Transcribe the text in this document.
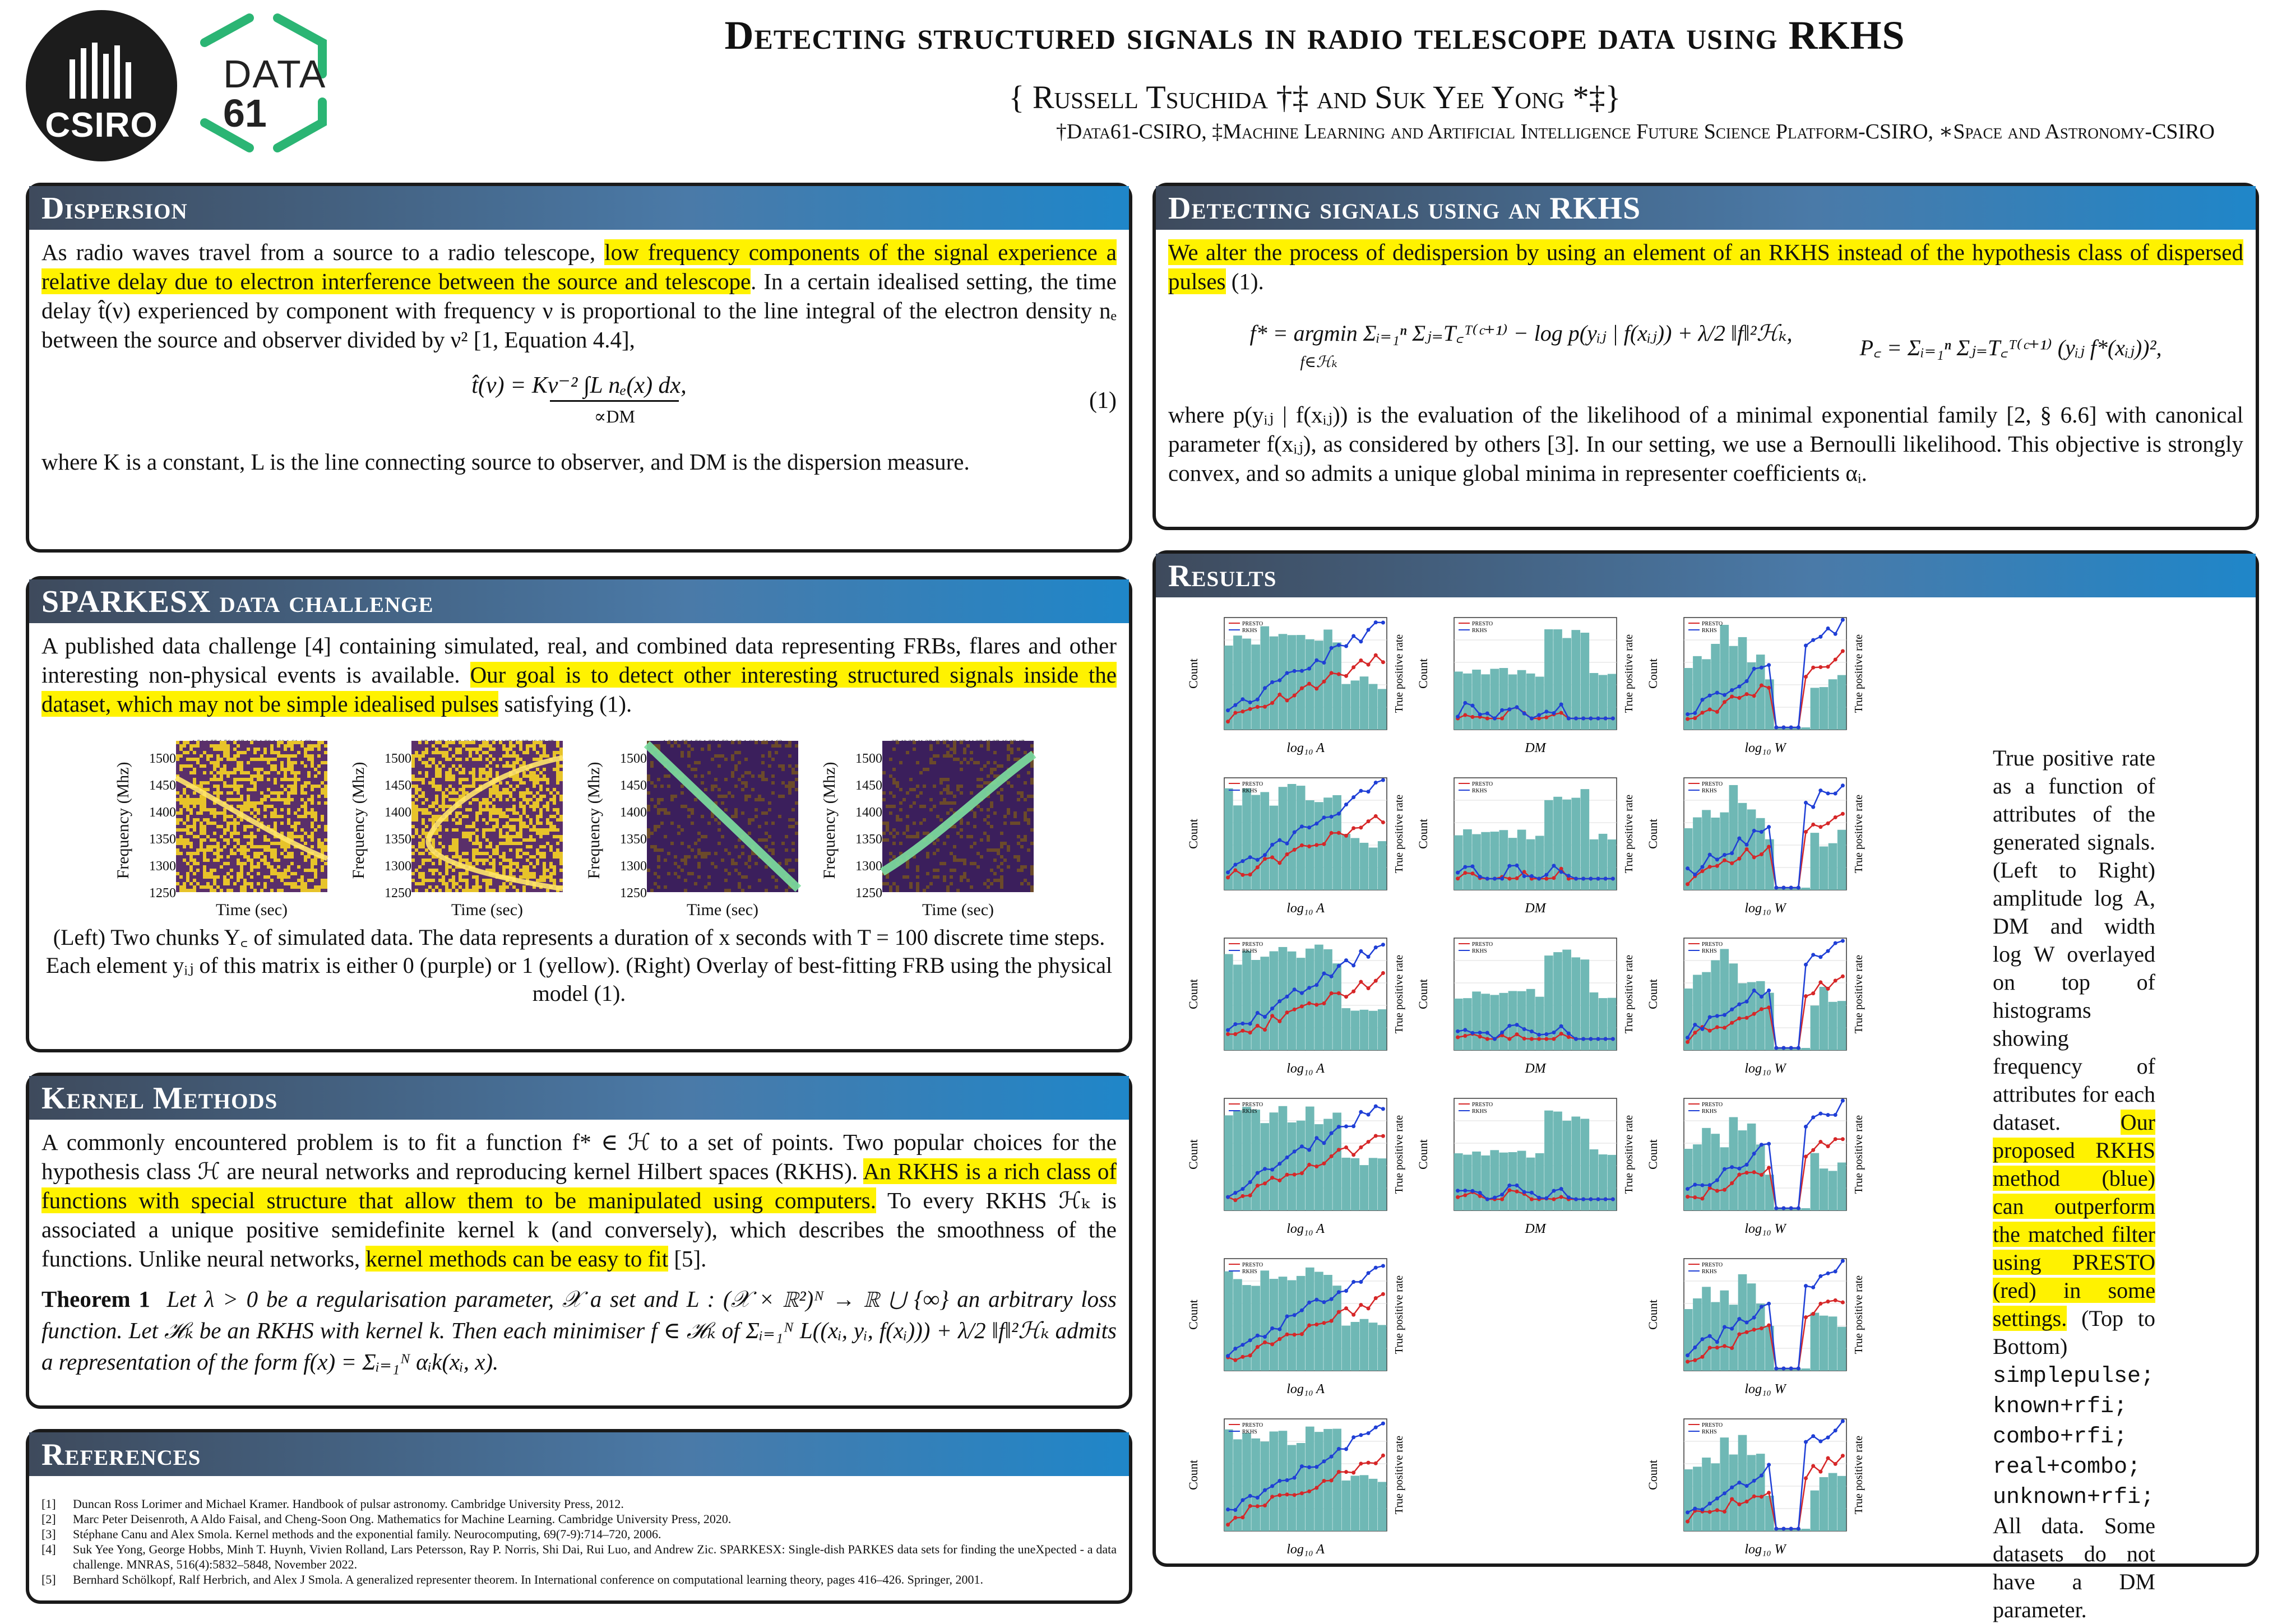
CSIRO
DATA
61
Detecting structured signals in radio telescope data using RKHS
{ Russell Tsuchida †‡ and Suk Yee Yong *‡}
†Data61-CSIRO, ‡Machine Learning and Artificial Intelligence Future Science Platform-CSIRO, ∗Space and Astronomy-CSIRO
Dispersion

As radio waves travel from a source to a radio telescope, low frequency components of the signal experience a relative delay due to electron interference between the source and telescope. In a certain idealised setting, the time delay t̂(ν) experienced by component with frequency ν is proportional to the line integral of the electron density nₑ between the source and observer divided by ν² [1, Equation 4.4],

t̂(ν) = Kν⁻² ∫L nₑ(x) dx,
∝DM
(1)

where K is a constant, L is the line connecting source to observer, and DM is the dispersion measure.

SPARKESX data challenge

A published data challenge [4] containing simulated, real, and combined data representing FRBs, flares and other interesting non-physical events is available. Our goal is to detect other interesting structured signals inside the dataset, which may not be simple idealised pulses satisfying (1).

Frequency (Mhz)
1500
1450
1400
1350
1300
1250
Time (sec)
Frequency (Mhz)
1500
1450
1400
1350
1300
1250
Time (sec)
Frequency (Mhz)
1500
1450
1400
1350
1300
1250
Time (sec)
Frequency (Mhz)
1500
1450
1400
1350
1300
1250
Time (sec)

(Left) Two chunks Y꜀ of simulated data. The data represents a duration of x seconds with T = 100 discrete time steps. Each element yᵢⱼ of this matrix is either 0 (purple) or 1 (yellow). (Right) Overlay of best-fitting FRB using the physical model (1).

Kernel Methods

A commonly encountered problem is to fit a function f* ∈ ℋ to a set of points. Two popular choices for the hypothesis class ℋ are neural networks and reproducing kernel Hilbert spaces (RKHS). An RKHS is a rich class of functions with special structure that allow them to be manipulated using computers. To every RKHS ℋₖ is associated a unique positive semidefinite kernel k (and conversely), which describes the smoothness of the functions. Unlike neural networks, kernel methods can be easy to fit [5].

Theorem 1 Let λ > 0 be a regularisation parameter, 𝒳 a set and L : (𝒳 × ℝ²)ᴺ → ℝ ⋃ {∞} an arbitrary loss function. Let ℋₖ be an RKHS with kernel k. Then each minimiser f ∈ ℋₖ of Σᵢ₌₁ᴺ L((xᵢ, yᵢ, f(xᵢ))) + λ/2 ‖f‖²ℋₖ admits a representation of the form f(x) = Σᵢ₌₁ᴺ αᵢk(xᵢ, x).

References
[1]	Duncan Ross Lorimer and Michael Kramer. Handbook of pulsar astronomy. Cambridge University Press, 2012.
[2]	Marc Peter Deisenroth, A Aldo Faisal, and Cheng-Soon Ong. Mathematics for Machine Learning. Cambridge University Press, 2020.
[3]	Stéphane Canu and Alex Smola. Kernel methods and the exponential family. Neurocomputing, 69(7-9):714–720, 2006.
[4]	Suk Yee Yong, George Hobbs, Minh T. Huynh, Vivien Rolland, Lars Petersson, Ray P. Norris, Shi Dai, Rui Luo, and Andrew Zic. SPARKESX: Single-dish PARKES data sets for finding the uneXpected - a data challenge. MNRAS, 516(4):5832–5848, November 2022.
[5]	Bernhard Schölkopf, Ralf Herbrich, and Alex J Smola. A generalized representer theorem. In International conference on computational learning theory, pages 416–426. Springer, 2001.
Detecting signals using an RKHS

We alter the process of dedispersion by using an element of an RKHS instead of the hypothesis class of dispersed pulses (1).

f* = argmin Σᵢ₌₁ⁿ Σⱼ₌T꜀ᵀ⁽ᶜ⁺¹⁾ − log p(yᵢⱼ | f(xᵢⱼ)) + λ/2 ‖f‖²ℋₖ,
f∈ℋₖ
P꜀ = Σᵢ₌₁ⁿ Σⱼ₌T꜀ᵀ⁽ᶜ⁺¹⁾ (yᵢⱼ f*(xᵢⱼ))²,

where p(yᵢⱼ | f(xᵢⱼ)) is the evaluation of the likelihood of a minimal exponential family [2, § 6.6] with canonical parameter f(xᵢⱼ), as considered by others [3]. In our setting, we use a Bernoulli likelihood. This objective is strongly convex, and so admits a unique global minima in representer coefficients αᵢ.

Results
PRESTO
RKHS
Count	True positive rate
log₁₀ A
PRESTO
RKHS
Count	True positive rate
DM
PRESTO
RKHS
Count	True positive rate
log₁₀ W
PRESTO
RKHS
Count	True positive rate
log₁₀ A
PRESTO
RKHS
Count	True positive rate
DM
PRESTO
RKHS
Count	True positive rate
log₁₀ W
PRESTO
RKHS
Count	True positive rate
log₁₀ A
PRESTO
RKHS
Count	True positive rate
DM
PRESTO
RKHS
Count	True positive rate
log₁₀ W
PRESTO
RKHS
Count	True positive rate
log₁₀ A
PRESTO
RKHS
Count	True positive rate
DM
PRESTO
RKHS
Count	True positive rate
log₁₀ W
PRESTO
RKHS
Count	True positive rate
log₁₀ A
PRESTO
RKHS
Count	True positive rate
log₁₀ W
PRESTO
RKHS
Count	True positive rate
log₁₀ A
PRESTO
RKHS
Count	True positive rate
log₁₀ W
True positive rate as a function of attributes of the generated signals. (Left to Right) amplitude log A, DM and width log W overlayed on top of histograms showing frequency of attributes for each dataset. Our proposed RKHS method (blue) can outperform the matched filter using PRESTO (red) in some settings. (Top to Bottom) simplepulse; known+rfi; combo+rfi; real+combo; unknown+rfi; All data. Some datasets do not have a DM parameter.
